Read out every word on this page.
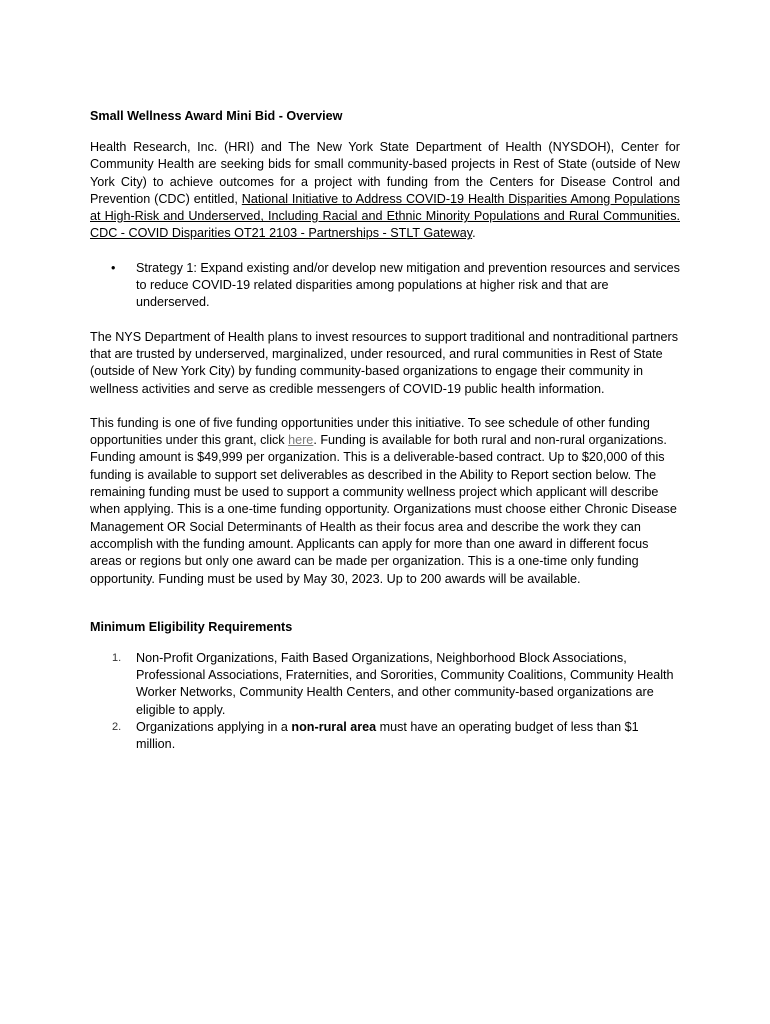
Small Wellness Award Mini Bid - Overview

Health Research, Inc. (HRI) and The New York State Department of Health (NYSDOH), Center for Community Health are seeking bids for small community-based projects in Rest of State (outside of New York City) to achieve outcomes for a project with funding from the Centers for Disease Control and Prevention (CDC) entitled, National Initiative to Address COVID-19 Health Disparities Among Populations at High-Risk and Underserved, Including Racial and Ethnic Minority Populations and Rural Communities. CDC - COVID Disparities OT21 2103 - Partnerships - STLT Gateway.

• Strategy 1: Expand existing and/or develop new mitigation and prevention resources and services to reduce COVID-19 related disparities among populations at higher risk and that are underserved.

The NYS Department of Health plans to invest resources to support traditional and nontraditional partners that are trusted by underserved, marginalized, under resourced, and rural communities in Rest of State (outside of New York City) by funding community-based organizations to engage their community in wellness activities and serve as credible messengers of COVID-19 public health information.

This funding is one of five funding opportunities under this initiative. To see schedule of other funding opportunities under this grant, click here. Funding is available for both rural and non-rural organizations. Funding amount is $49,999 per organization. This is a deliverable-based contract. Up to $20,000 of this funding is available to support set deliverables as described in the Ability to Report section below. The remaining funding must be used to support a community wellness project which applicant will describe when applying. This is a one-time funding opportunity. Organizations must choose either Chronic Disease Management OR Social Determinants of Health as their focus area and describe the work they can accomplish with the funding amount. Applicants can apply for more than one award in different focus areas or regions but only one award can be made per organization. This is a one-time only funding opportunity. Funding must be used by May 30, 2023. Up to 200 awards will be available.

Minimum Eligibility Requirements
1. Non-Profit Organizations, Faith Based Organizations, Neighborhood Block Associations, Professional Associations, Fraternities, and Sororities, Community Coalitions, Community Health Worker Networks, Community Health Centers, and other community-based organizations are eligible to apply.
2. Organizations applying in a non-rural area must have an operating budget of less than $1 million.
